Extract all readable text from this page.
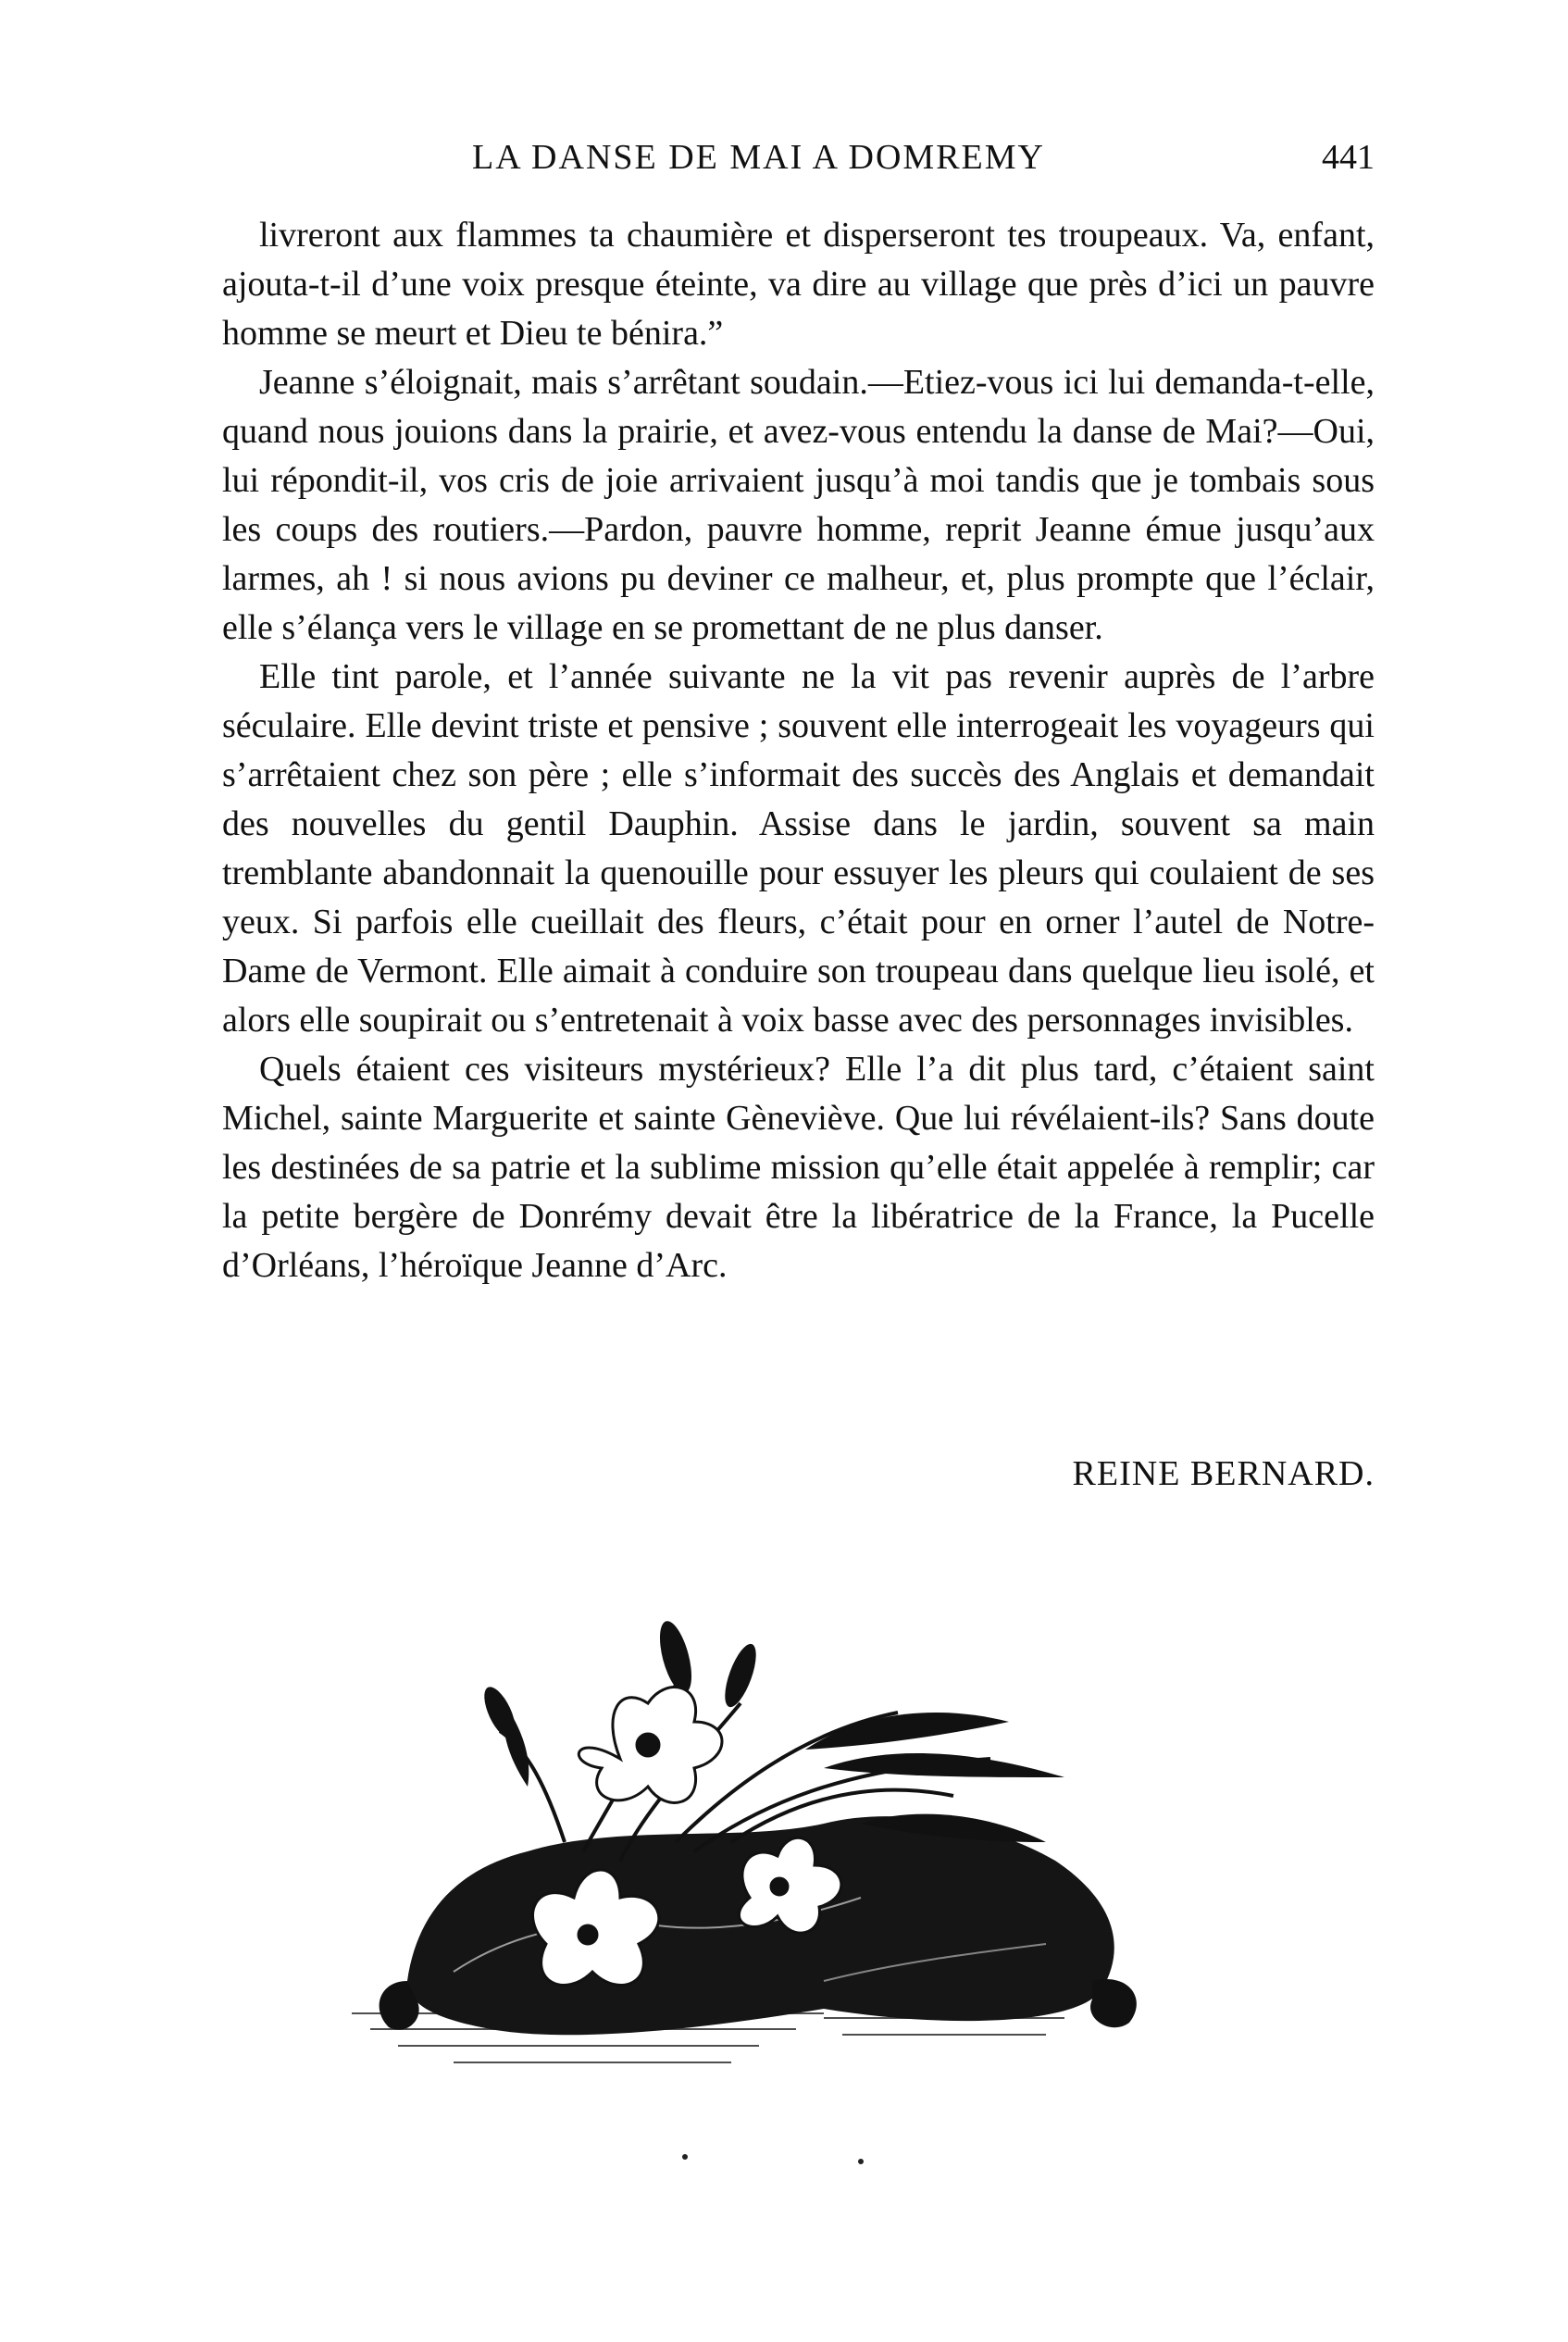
LA DANSE DE MAI A DOMREMY	441

livreront aux flammes ta chaumière et disperseront tes troupeaux. Va, enfant, ajouta-t-il d’une voix presque éteinte, va dire au village que près d’ici un pauvre homme se meurt et Dieu te bénira.”

Jeanne s’éloignait, mais s’arrêtant soudain.—Etiez-vous ici lui demanda-t-elle, quand nous jouions dans la prairie, et avez-vous entendu la danse de Mai?—Oui, lui répondit-il, vos cris de joie arrivaient jusqu’à moi tandis que je tombais sous les coups des routiers.—Pardon, pauvre homme, reprit Jeanne émue jusqu’aux larmes, ah ! si nous avions pu deviner ce malheur, et, plus prompte que l’éclair, elle s’élança vers le village en se promettant de ne plus danser.

Elle tint parole, et l’année suivante ne la vit pas revenir auprès de l’arbre séculaire. Elle devint triste et pensive ; souvent elle interrogeait les voyageurs qui s’arrêtaient chez son père ; elle s’informait des succès des Anglais et demandait des nouvelles du gentil Dauphin. Assise dans le jardin, souvent sa main tremblante abandonnait la quenouille pour essuyer les pleurs qui coulaient de ses yeux. Si parfois elle cueillait des fleurs, c’était pour en orner l’autel de Notre-Dame de Vermont. Elle aimait à conduire son troupeau dans quelque lieu isolé, et alors elle soupirait ou s’entretenait à voix basse avec des personnages invisibles.

Quels étaient ces visiteurs mystérieux? Elle l’a dit plus tard, c’étaient saint Michel, sainte Marguerite et sainte Gèneviève. Que lui révélaient-ils? Sans doute les destinées de sa patrie et la sublime mission qu’elle était appelée à remplir; car la petite bergère de Donrémy devait être la libératrice de la France, la Pucelle d’Orléans, l’héroïque Jeanne d’Arc.

REINE BERNARD.
